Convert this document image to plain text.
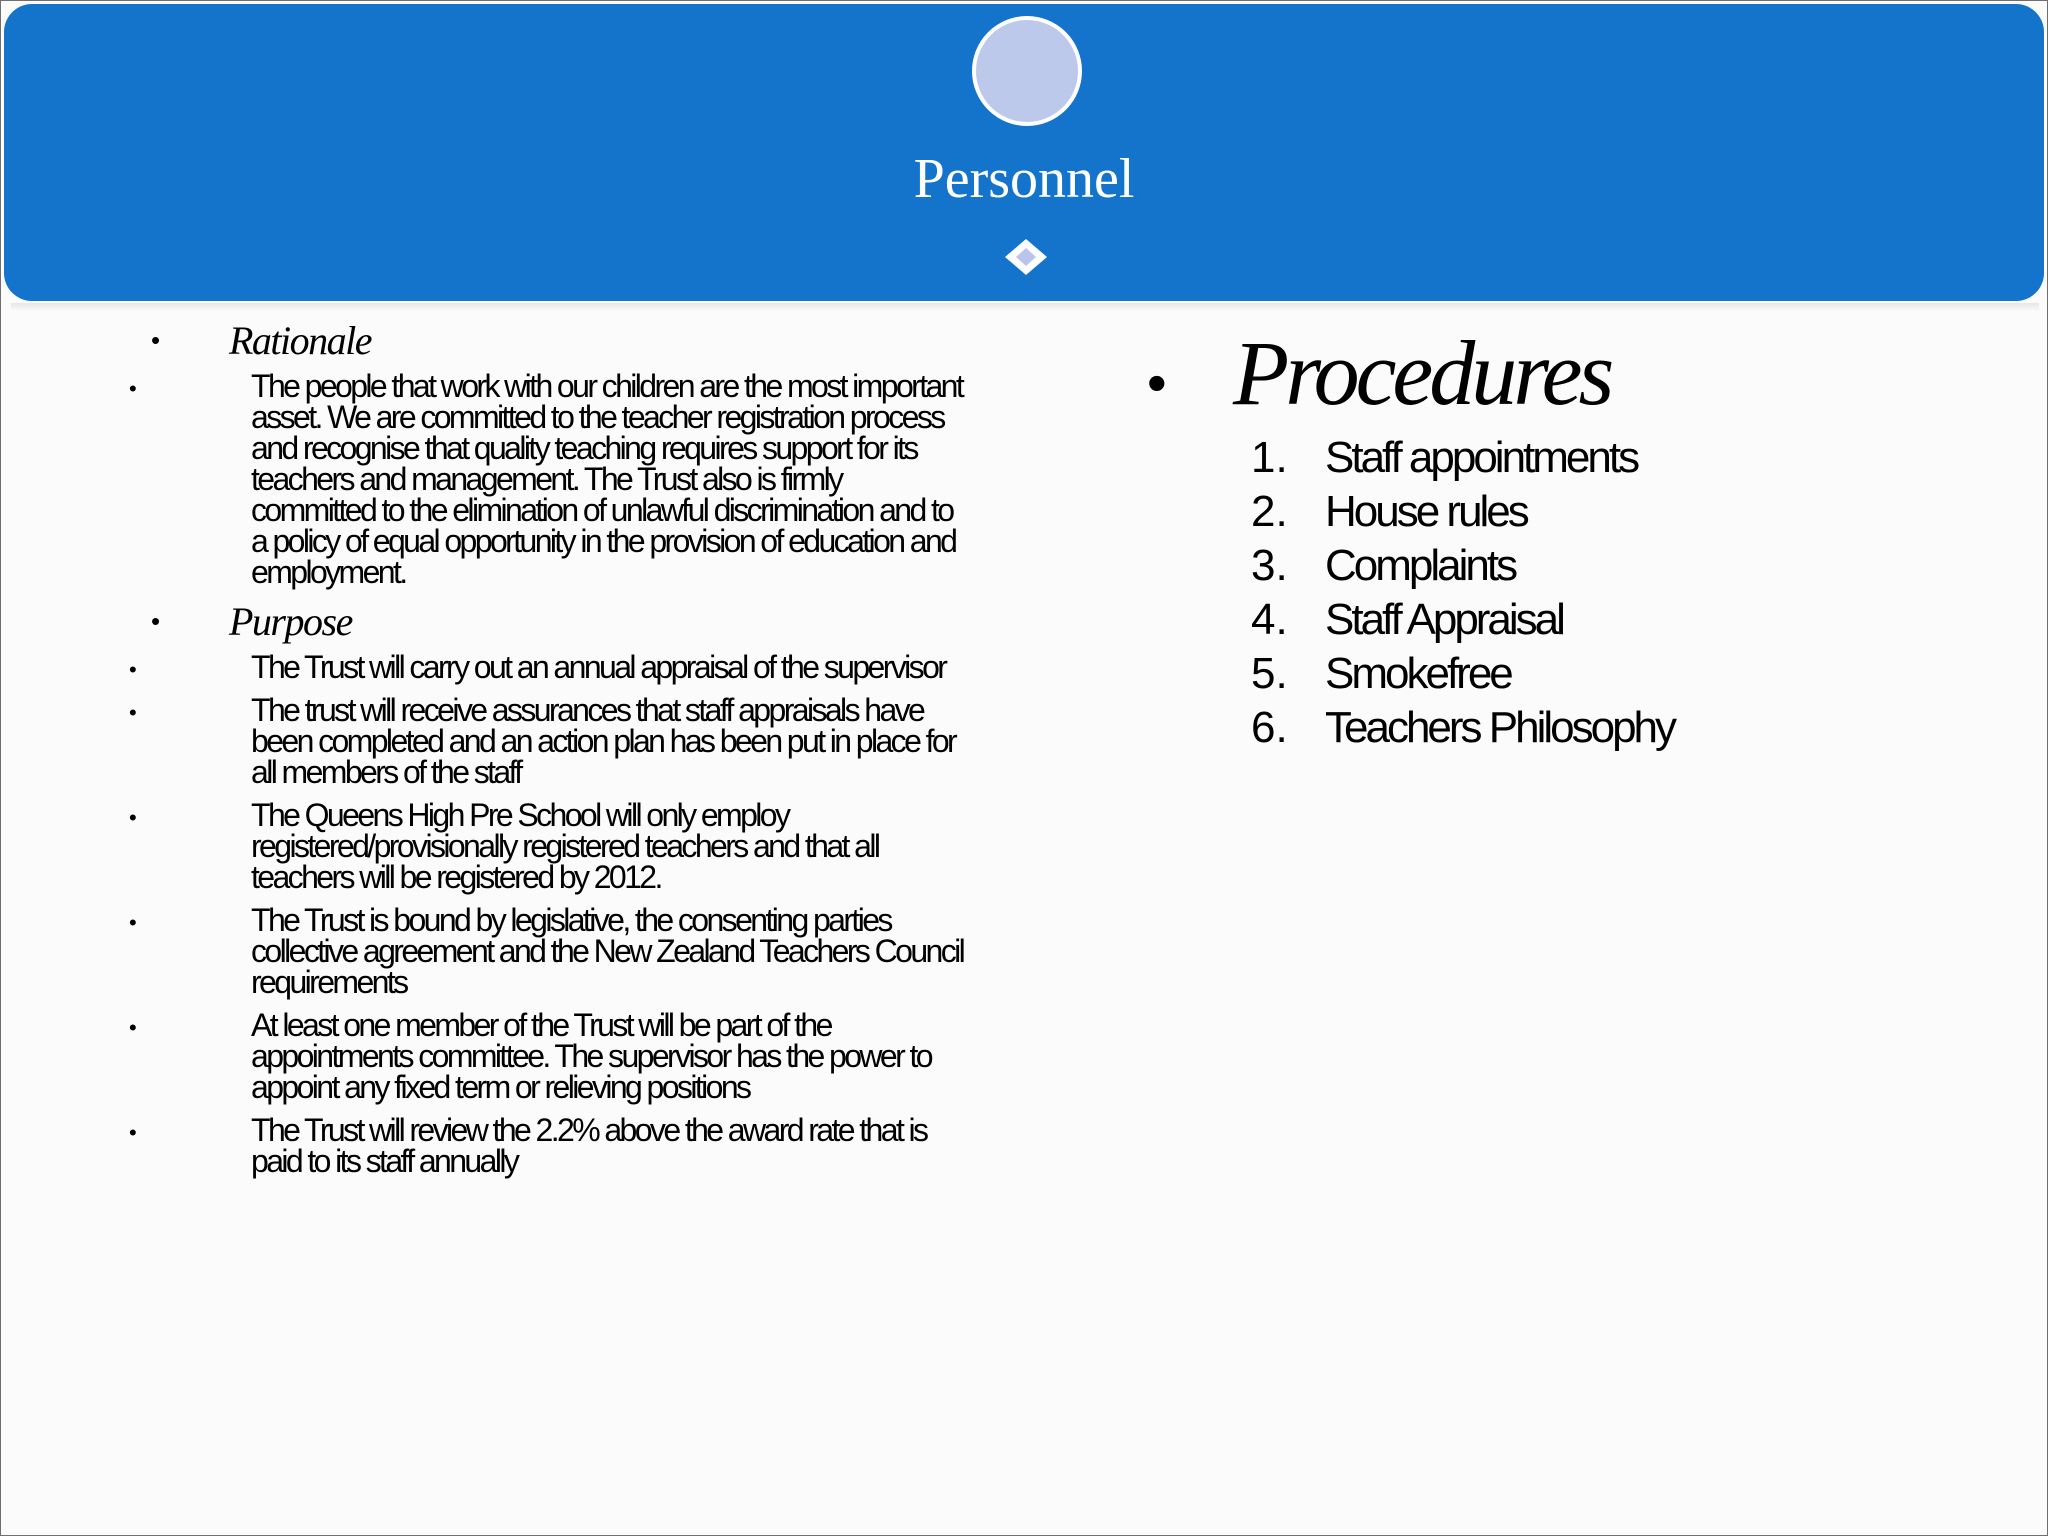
Personnel
• Rationale
•	The people that work with our children are the most important asset. We are committed to the teacher registration process and recognise that quality teaching requires support for its teachers and management. The Trust also is firmly committed to the elimination of unlawful discrimination and to a policy of equal opportunity in the provision of education and employment.
• Purpose
•	The Trust will carry out an annual appraisal of the supervisor
•	The trust will receive assurances that staff appraisals have been completed and an action plan has been put in place for all members of the staff
•	The Queens High Pre School will only employ registered/provisionally registered teachers and that all teachers will be registered by 2012.
•	The Trust is bound by legislative, the consenting parties collective agreement and the New Zealand Teachers Council requirements
•	At least one member of the Trust will be part of the appointments committee. The supervisor has the power to appoint any fixed term or relieving positions
•	The Trust will review the 2.2% above the award rate that is paid to its staff annually
• Procedures
1. Staff appointments
2. House rules
3. Complaints
4. Staff Appraisal
5. Smokefree
6. Teachers Philosophy
